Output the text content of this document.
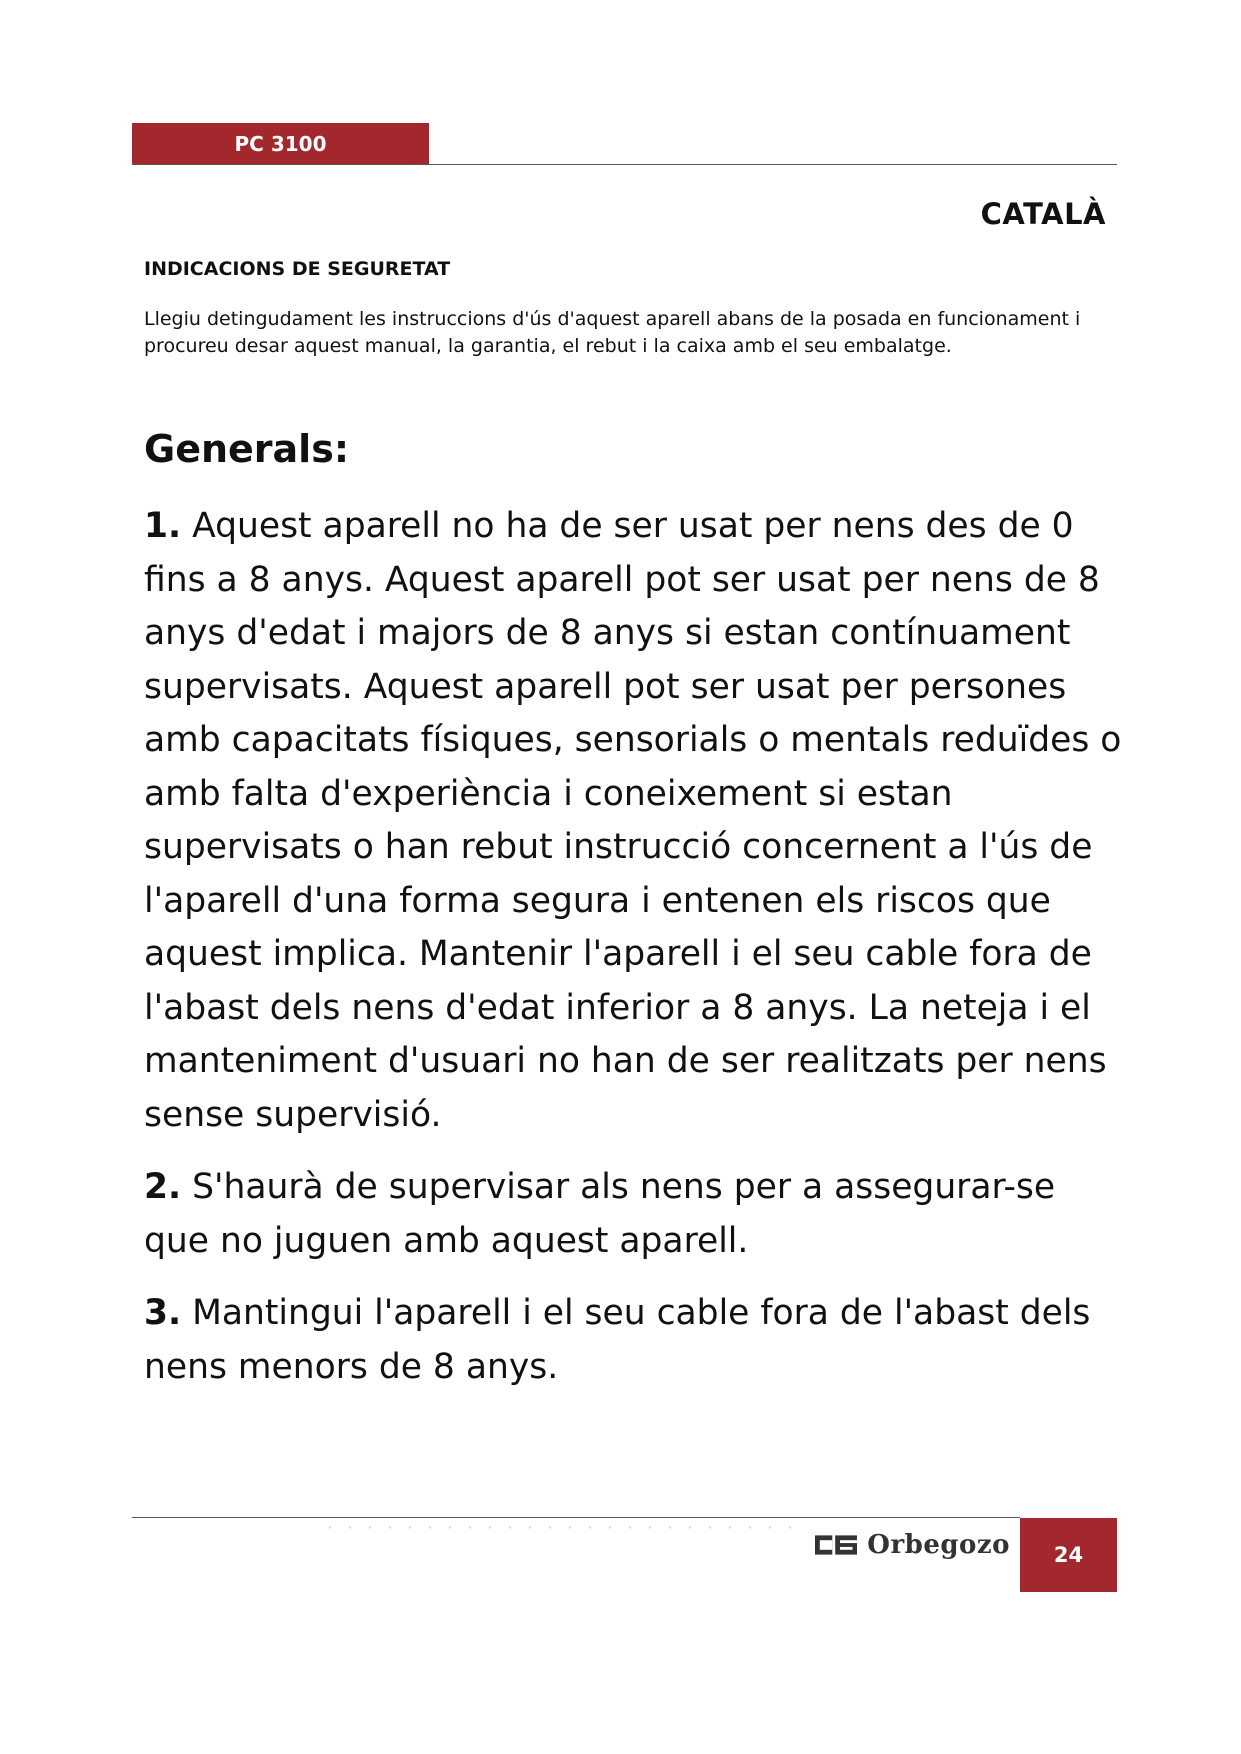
PC 3100
CATALÀ
INDICACIONS DE SEGURETAT

Llegiu detingudament les instruccions d'ús d'aquest aparell abans de la posada en funcionament i

procureu desar aquest manual, la garantia, el rebut i la caixa amb el seu embalatge.

Generals:

1. Aquest aparell no ha de ser usat per nens des de 0 fins a 8 anys. Aquest aparell pot ser usat per nens de 8 anys d'edat i majors de 8 anys si estan contínuament supervisats. Aquest aparell pot ser usat per persones amb capacitats físiques, sensorials o mentals reduïdes o amb falta d'experiència i coneixement si estan supervisats o han rebut instrucció concernent a l'ús de l'aparell d'una forma segura i entenen els riscos que aquest implica. Mantenir l'aparell i el seu cable fora de l'abast dels nens d'edat inferior a 8 anys. La neteja i el manteniment d'usuari no han de ser realitzats per nens sense supervisió.

2. S'haurà de supervisar als nens per a assegurar-se que no juguen amb aquest aparell.

3. Mantingui l'aparell i el seu cable fora de l'abast dels nens menors de 8 anys.

Orbegozo	24
